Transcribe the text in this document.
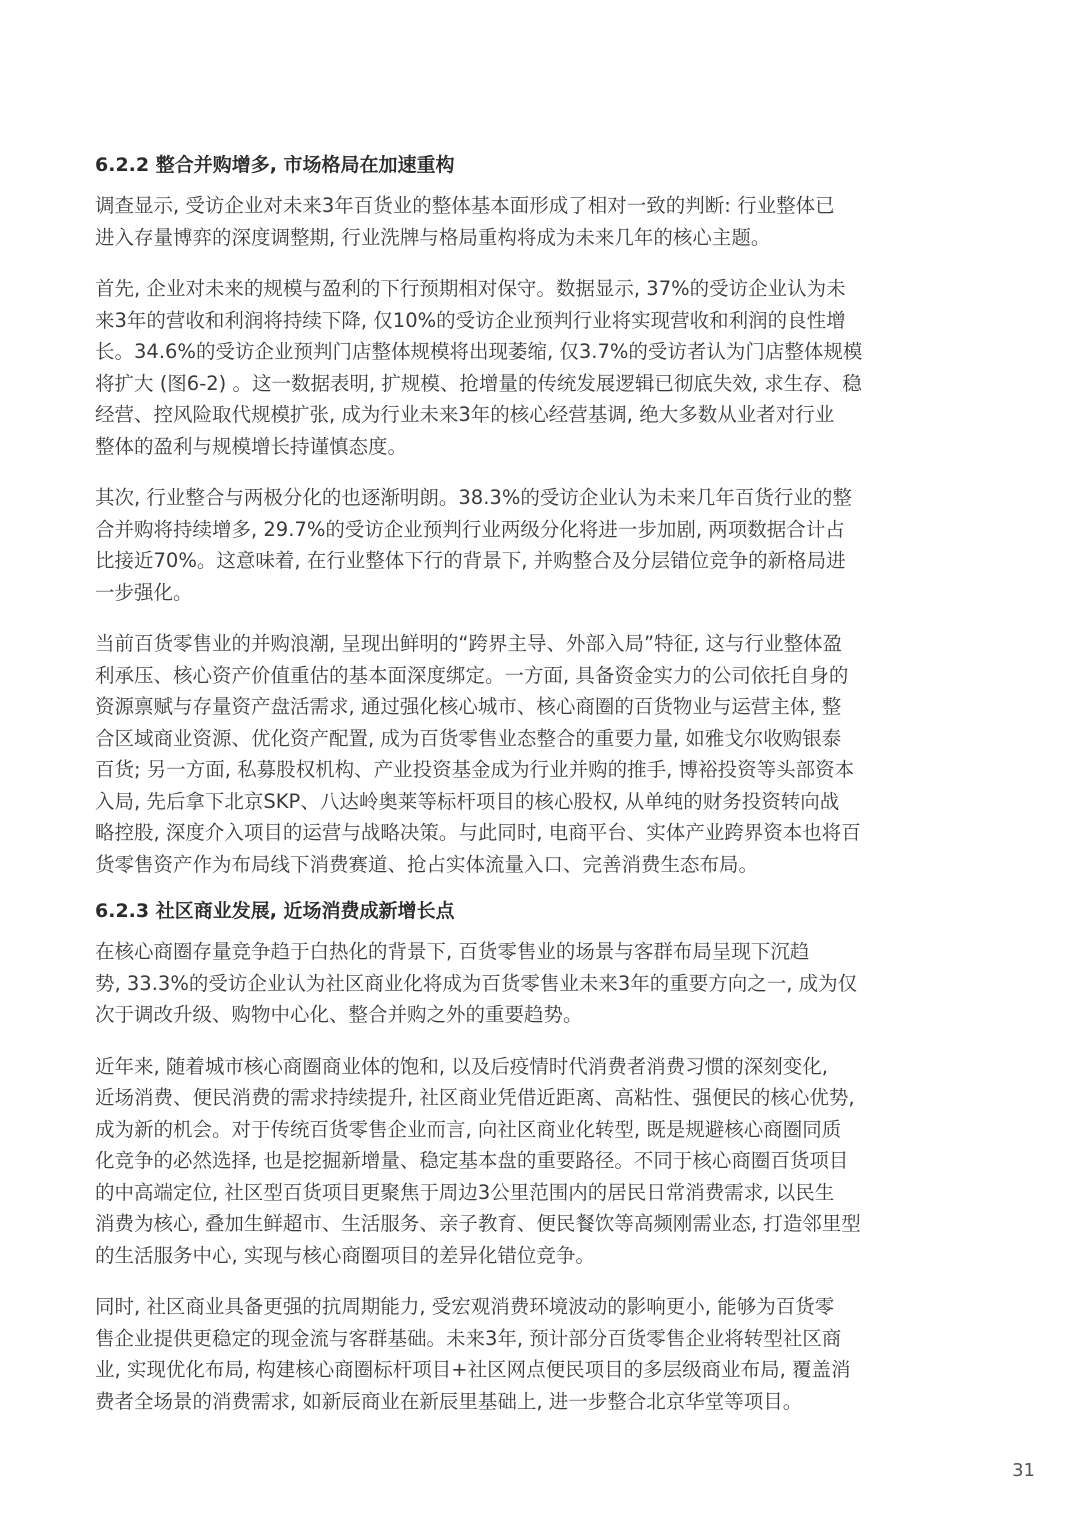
6.2.2 整合并购增多, 市场格局在加速重构
调查显示, 受访企业对未来3年百货业的整体基本面形成了相对一致的判断: 行业整体已
进入存量博弈的深度调整期, 行业洗牌与格局重构将成为未来几年的核心主题。
首先, 企业对未来的规模与盈利的下行预期相对保守。数据显示, 37%的受访企业认为未
来3年的营收和利润将持续下降, 仅10%的受访企业预判行业将实现营收和利润的良性增
长。34.6%的受访企业预判门店整体规模将出现萎缩, 仅3.7%的受访者认为门店整体规模
将扩大 (图6-2) 。这一数据表明, 扩规模、抢增量的传统发展逻辑已彻底失效, 求生存、稳
经营、控风险取代规模扩张, 成为行业未来3年的核心经营基调, 绝大多数从业者对行业
整体的盈利与规模增长持谨慎态度。
其次, 行业整合与两极分化的也逐渐明朗。38.3%的受访企业认为未来几年百货行业的整
合并购将持续增多, 29.7%的受访企业预判行业两级分化将进一步加剧, 两项数据合计占
比接近70%。这意味着, 在行业整体下行的背景下, 并购整合及分层错位竞争的新格局进
一步强化。
当前百货零售业的并购浪潮, 呈现出鲜明的“跨界主导、外部入局”特征, 这与行业整体盈
利承压、核心资产价值重估的基本面深度绑定。一方面, 具备资金实力的公司依托自身的
资源禀赋与存量资产盘活需求, 通过强化核心城市、核心商圈的百货物业与运营主体, 整
合区域商业资源、优化资产配置, 成为百货零售业态整合的重要力量, 如雅戈尔收购银泰
百货; 另一方面, 私募股权机构、产业投资基金成为行业并购的推手, 博裕投资等头部资本
入局, 先后拿下北京SKP、八达岭奥莱等标杆项目的核心股权, 从单纯的财务投资转向战
略控股, 深度介入项目的运营与战略决策。与此同时, 电商平台、实体产业跨界资本也将百
货零售资产作为布局线下消费赛道、抢占实体流量入口、完善消费生态布局。
6.2.3 社区商业发展, 近场消费成新增长点
在核心商圈存量竞争趋于白热化的背景下, 百货零售业的场景与客群布局呈现下沉趋
势, 33.3%的受访企业认为社区商业化将成为百货零售业未来3年的重要方向之一, 成为仅
次于调改升级、购物中心化、整合并购之外的重要趋势。
近年来, 随着城市核心商圈商业体的饱和, 以及后疫情时代消费者消费习惯的深刻变化,
近场消费、便民消费的需求持续提升, 社区商业凭借近距离、高粘性、强便民的核心优势,
成为新的机会。对于传统百货零售企业而言, 向社区商业化转型, 既是规避核心商圈同质
化竞争的必然选择, 也是挖掘新增量、稳定基本盘的重要路径。不同于核心商圈百货项目
的中高端定位, 社区型百货项目更聚焦于周边3公里范围内的居民日常消费需求, 以民生
消费为核心, 叠加生鲜超市、生活服务、亲子教育、便民餐饮等高频刚需业态, 打造邻里型
的生活服务中心, 实现与核心商圈项目的差异化错位竞争。
同时, 社区商业具备更强的抗周期能力, 受宏观消费环境波动的影响更小, 能够为百货零
售企业提供更稳定的现金流与客群基础。未来3年, 预计部分百货零售企业将转型社区商
业, 实现优化布局, 构建核心商圈标杆项目+社区网点便民项目的多层级商业布局, 覆盖消
费者全场景的消费需求, 如新辰商业在新辰里基础上, 进一步整合北京华堂等项目。
31
